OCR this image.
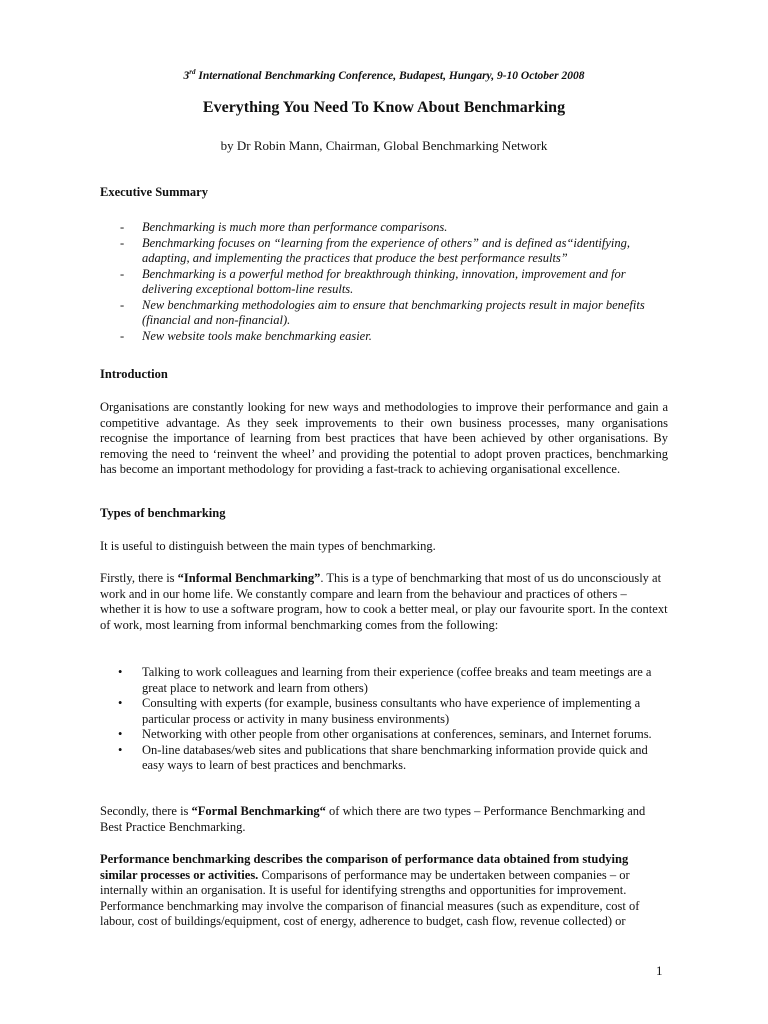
3rd International Benchmarking Conference, Budapest, Hungary, 9-10 October 2008
Everything You Need To Know About Benchmarking
by Dr Robin Mann, Chairman, Global Benchmarking Network
Executive Summary
- Benchmarking is much more than performance comparisons.
- Benchmarking focuses on “learning from the experience of others” and is defined as“identifying, adapting, and implementing the practices that produce the best performance results”
- Benchmarking is a powerful method for breakthrough thinking, innovation, improvement and for delivering exceptional bottom-line results.
- New benchmarking methodologies aim to ensure that benchmarking projects result in major benefits (financial and non-financial).
- New website tools make benchmarking easier.
Introduction
Organisations are constantly looking for new ways and methodologies to improve their performance and gain a competitive advantage. As they seek improvements to their own business processes, many organisations recognise the importance of learning from best practices that have been achieved by other organisations. By removing the need to ‘reinvent the wheel’ and providing the potential to adopt proven practices, benchmarking has become an important methodology for providing a fast-track to achieving organisational excellence.
Types of benchmarking
It is useful to distinguish between the main types of benchmarking.
Firstly, there is “Informal Benchmarking”. This is a type of benchmarking that most of us do unconsciously at work and in our home life. We constantly compare and learn from the behaviour and practices of others – whether it is how to use a software program, how to cook a better meal, or play our favourite sport. In the context of work, most learning from informal benchmarking comes from the following:
• Talking to work colleagues and learning from their experience (coffee breaks and team meetings are a great place to network and learn from others)
• Consulting with experts (for example, business consultants who have experience of implementing a particular process or activity in many business environments)
• Networking with other people from other organisations at conferences, seminars, and Internet forums.
• On-line databases/web sites and publications that share benchmarking information provide quick and easy ways to learn of best practices and benchmarks.
Secondly, there is “Formal Benchmarking“ of which there are two types – Performance Benchmarking and Best Practice Benchmarking.
Performance benchmarking describes the comparison of performance data obtained from studying similar processes or activities. Comparisons of performance may be undertaken between companies – or internally within an organisation. It is useful for identifying strengths and opportunities for improvement. Performance benchmarking may involve the comparison of financial measures (such as expenditure, cost of labour, cost of buildings/equipment, cost of energy, adherence to budget, cash flow, revenue collected) or
1
